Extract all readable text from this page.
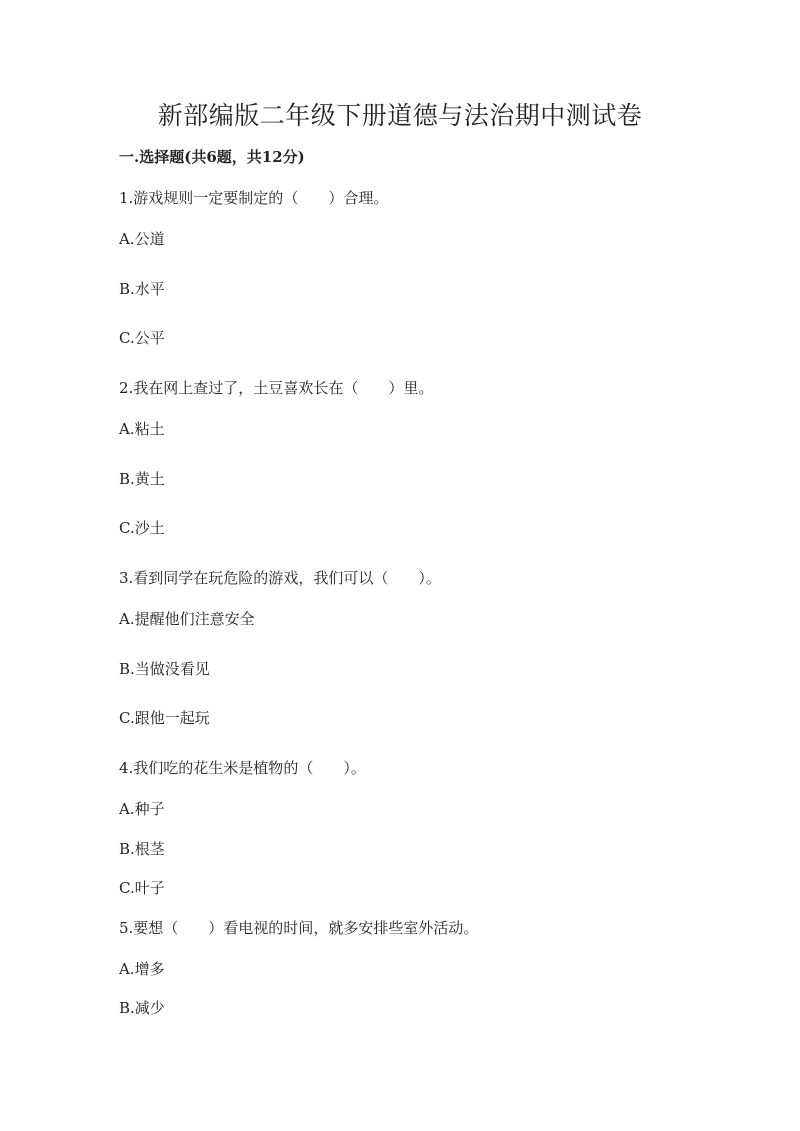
新部编版二年级下册道德与法治期中测试卷
一.选择题(共6题，共12分)
1.游戏规则一定要制定的（　　）合理。
A.公道
B.水平
C.公平
2.我在网上查过了，土豆喜欢长在（　　）里。
A.粘土
B.黄土
C.沙土
3.看到同学在玩危险的游戏，我们可以（　　）。
A.提醒他们注意安全
B.当做没看见
C.跟他一起玩
4.我们吃的花生米是植物的（　　）。
A.种子
B.根茎
C.叶子
5.要想（　　）看电视的时间，就多安排些室外活动。
A.增多
B.减少
